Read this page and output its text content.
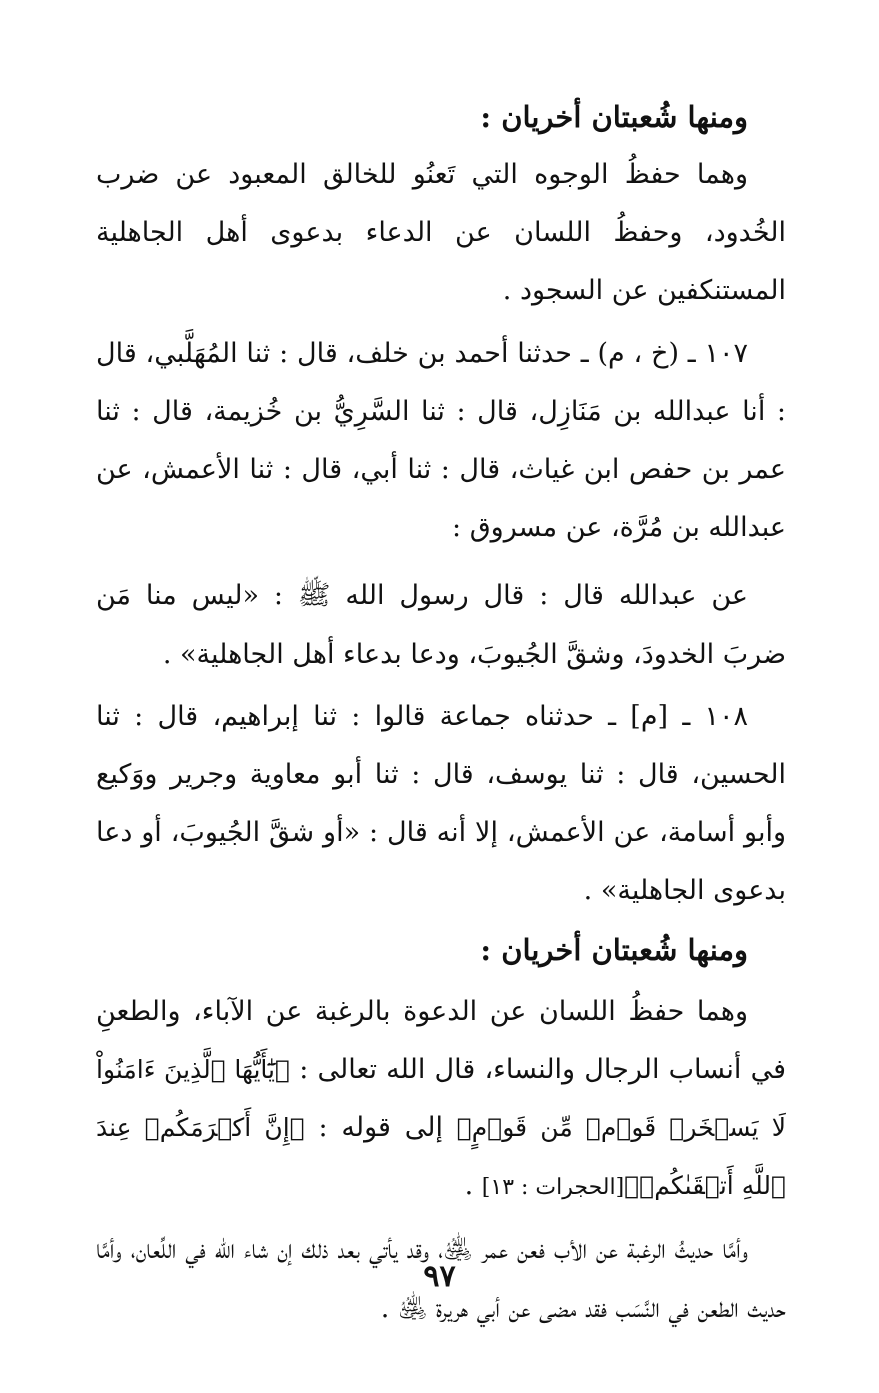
ومنها شُعبتان أخريان :

وهما حفظُ الوجوه التي تَعنُو للخالق المعبود عن ضرب الخُدود، وحفظُ اللسان عن الدعاء بدعوى أهل الجاهلية المستنكفين عن السجود .

١٠٧ ـ (خ ، م) ـ حدثنا أحمد بن خلف، قال : ثنا المُهَلَّبي، قال : أنا عبدالله بن مَنَازِل، قال : ثنا السَّرِيُّ بن خُزيمة، قال : ثنا عمر بن حفص ابن غياث، قال : ثنا أبي، قال : ثنا الأعمش، عن عبدالله بن مُرَّة، عن مسروق :

عن عبدالله قال : قال رسول الله ﷺ : «ليس منا مَن ضربَ الخدودَ، وشقَّ الجُيوبَ، ودعا بدعاء أهل الجاهلية» .

١٠٨ ـ [م] ـ حدثناه جماعة قالوا : ثنا إبراهيم، قال : ثنا الحسين، قال : ثنا يوسف، قال : ثنا أبو معاوية وجرير ووَكيع وأبو أسامة، عن الأعمش، إلا أنه قال : «أو شقَّ الجُيوبَ، أو دعا بدعوى الجاهلية» .

ومنها شُعبتان أخريان :

وهما حفظُ اللسان عن الدعوة بالرغبة عن الآباء، والطعنِ في أنساب الرجال والنساء، قال الله تعالى : ﴿يَٰٓأَيُّهَا ٱلَّذِينَ ءَامَنُواْ لَا يَسۡخَرۡ قَوۡمٞ مِّن قَوۡمٍ﴾ إلى قوله : ﴿إِنَّ أَكۡرَمَكُمۡ عِندَ ٱللَّهِ أَتۡقَىٰكُمۡ﴾[الحجرات : ١٣] .

وأمَّا حديثُ الرغبة عن الأب فعن عمر ﵁، وقد يأتي بعد ذلك إن شاء الله في اللِّعان، وأمَّا حديث الطعن في النَّسَب فقد مضى عن أبي هريرة ﵁ .

٩٧
